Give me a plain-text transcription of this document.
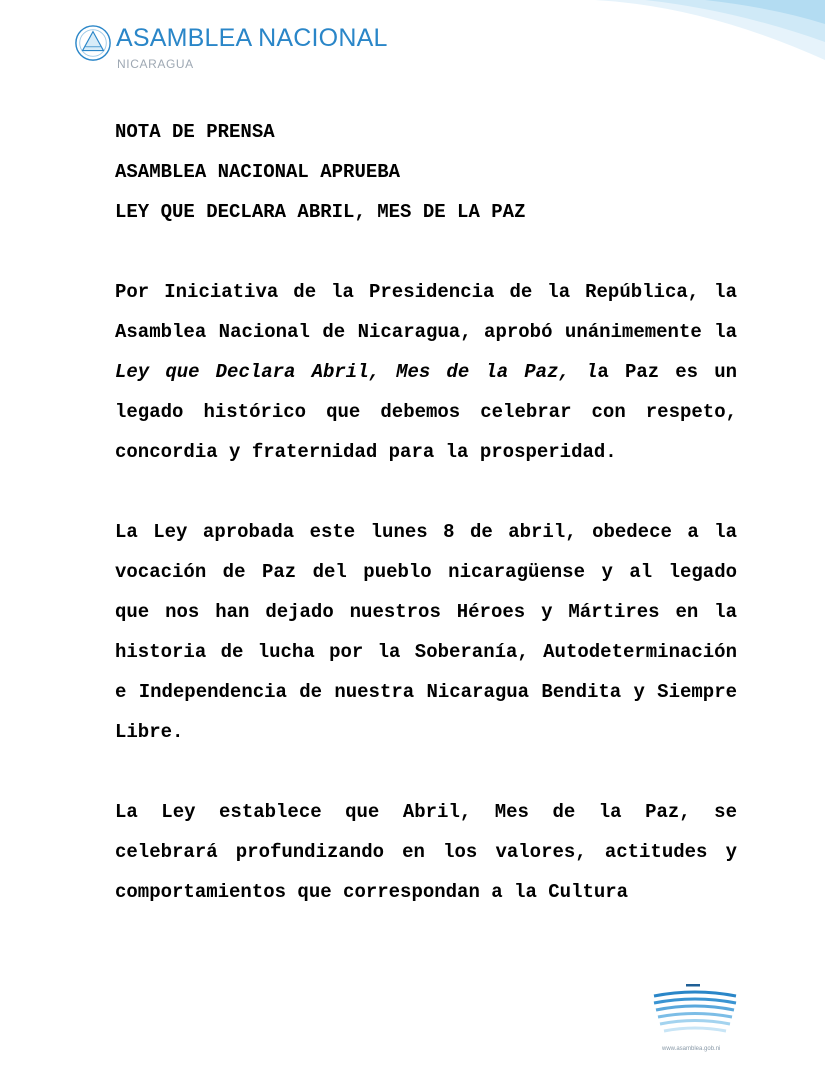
ASAMBLEA NACIONAL
NICARAGUA

NOTA DE PRENSA

ASAMBLEA NACIONAL APRUEBA

LEY QUE DECLARA ABRIL, MES DE LA PAZ

Por Iniciativa de la Presidencia de la República, la Asamblea Nacional de Nicaragua, aprobó unánimemente la Ley que Declara Abril, Mes de la Paz, la Paz es un legado histórico que debemos celebrar con respeto, concordia y fraternidad para la prosperidad.

La Ley aprobada este lunes 8 de abril, obedece a la vocación de Paz del pueblo nicaragüense y al legado que nos han dejado nuestros Héroes y Mártires en la historia de lucha por la Soberanía, Autodeterminación e Independencia de nuestra Nicaragua Bendita y Siempre Libre.

La Ley establece que Abril, Mes de la Paz, se celebrará profundizando en los valores, actitudes y comportamientos que correspondan a la Cultura

www.asamblea.gob.ni
